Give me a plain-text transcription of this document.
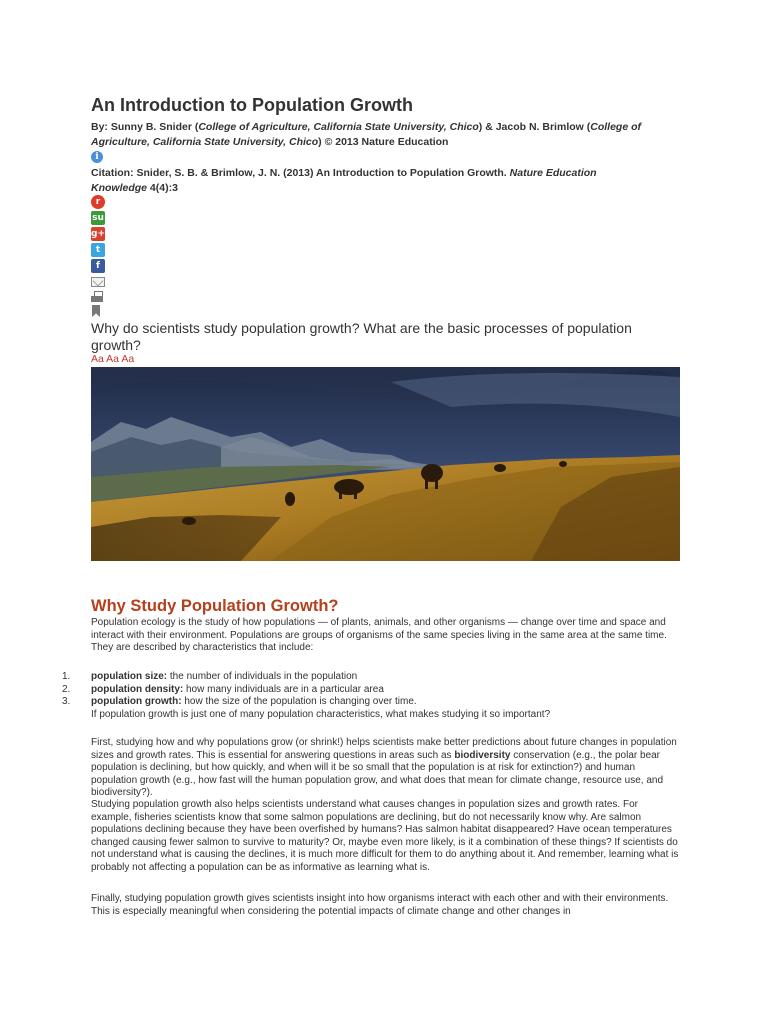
An Introduction to Population Growth
By: Sunny B. Snider (College of Agriculture, California State University, Chico) & Jacob N. Brimlow (College of Agriculture, California State University, Chico) © 2013 Nature Education
i
Citation: Snider, S. B. & Brimlow, J. N. (2013) An Introduction to Population Growth. Nature Education Knowledge 4(4):3
r
su
g+
t
f

Why do scientists study population growth? What are the basic processes of population growth?

Aa Aa Aa
Why Study Population Growth?

Population ecology is the study of how populations — of plants, animals, and other organisms — change over time and space and interact with their environment. Populations are groups of organisms of the same species living in the same area at the same time. They are described by characteristics that include:

1. population size: the number of individuals in the population
2. population density: how many individuals are in a particular area
3. population growth: how the size of the population is changing over time.

If population growth is just one of many population characteristics, what makes studying it so important?

First, studying how and why populations grow (or shrink!) helps scientists make better predictions about future changes in population sizes and growth rates. This is essential for answering questions in areas such as biodiversity conservation (e.g., the polar bear population is declining, but how quickly, and when will it be so small that the population is at risk for extinction?) and human population growth (e.g., how fast will the human population grow, and what does that mean for climate change, resource use, and biodiversity?).

Studying population growth also helps scientists understand what causes changes in population sizes and growth rates. For example, fisheries scientists know that some salmon populations are declining, but do not necessarily know why. Are salmon populations declining because they have been overfished by humans? Has salmon habitat disappeared? Have ocean temperatures changed causing fewer salmon to survive to maturity? Or, maybe even more likely, is it a combination of these things? If scientists do not understand what is causing the declines, it is much more difficult for them to do anything about it. And remember, learning what is probably not affecting a population can be as informative as learning what is.

Finally, studying population growth gives scientists insight into how organisms interact with each other and with their environments. This is especially meaningful when considering the potential impacts of climate change and other changes in
